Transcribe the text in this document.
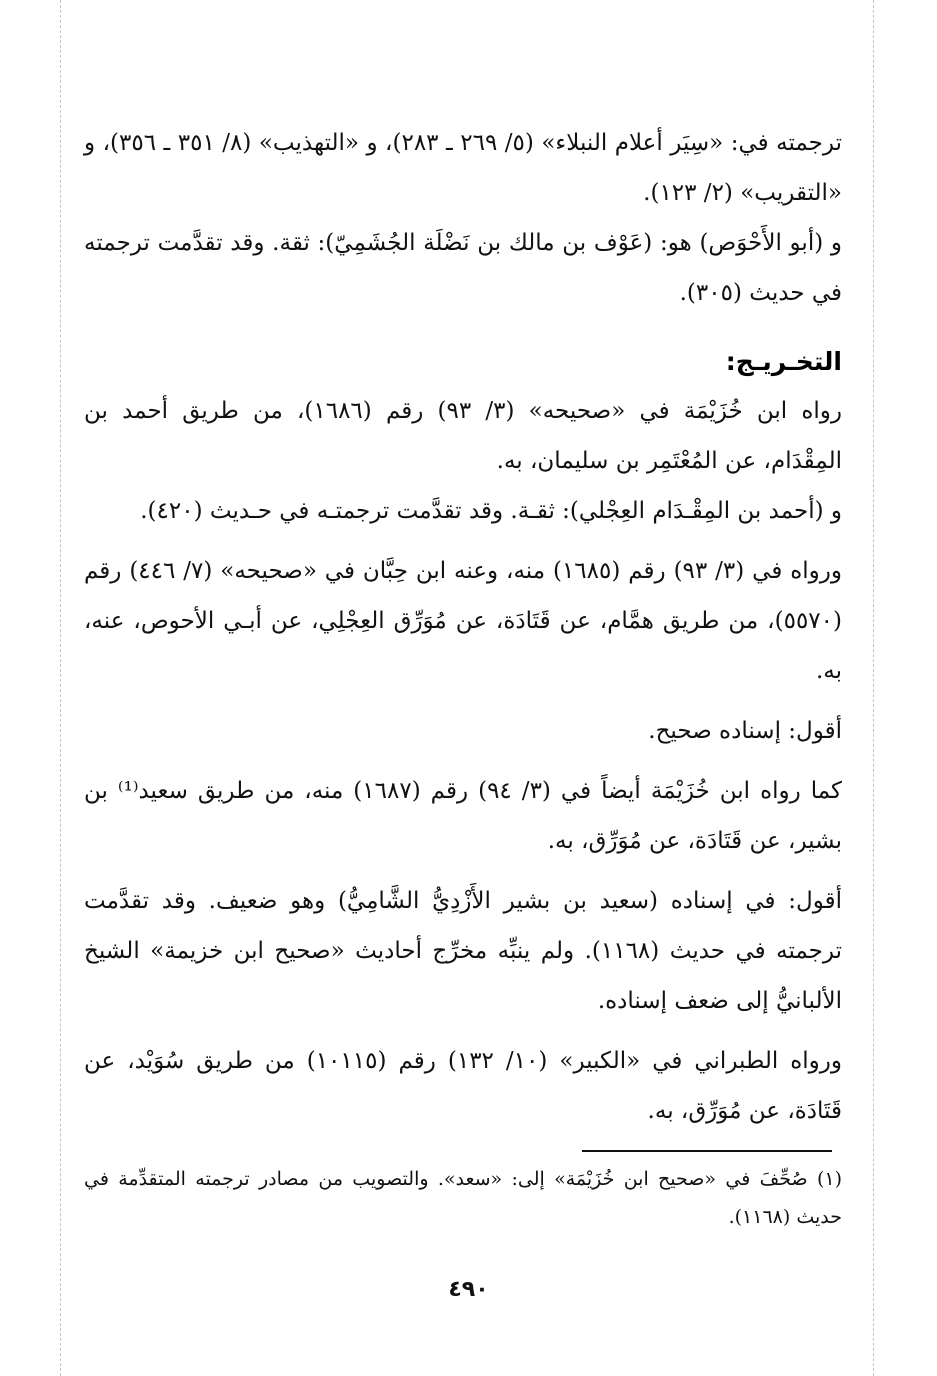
ترجمته في: «سِيَر أعلام النبلاء» (٥/ ٢٦٩ ـ ٢٨٣)، و «التهذيب» (٨/ ٣٥١ ـ ٣٥٦)، و «التقريب» (٢/ ١٢٣).

و (أبو الأَحْوَص) هو: (عَوْف بن مالك بن نَضْلَة الجُشَمِيّ): ثقة. وقد تقدَّمت ترجمته في حديث (٣٠٥).

التخـريـج:

رواه ابن خُزَيْمَة في «صحيحه» (٣/ ٩٣) رقم (١٦٨٦)، من طريق أحمد بن المِقْدَام، عن المُعْتَمِر بن سليمان، به.

و (أحمد بن المِقْـدَام العِجْلي): ثقـة. وقد تقدَّمت ترجمتـه في حـديث (٤٢٠).

ورواه في (٣/ ٩٣) رقم (١٦٨٥) منه، وعنه ابن حِبَّان في «صحيحه» (٧/ ٤٤٦) رقم (٥٥٧٠)، من طريق همَّام، عن قَتَادَة، عن مُوَرِّق العِجْلِي، عن أبـي الأحوص، عنه، به.

أقول: إسناده صحيح.

كما رواه ابن خُزَيْمَة أيضاً في (٣/ ٩٤) رقم (١٦٨٧) منه، من طريق سعيد⁽¹⁾ بن بشير، عن قَتَادَة، عن مُوَرِّق، به.

أقول: في إسناده (سعيد بن بشير الأَزْدِيُّ الشَّامِيُّ) وهو ضعيف. وقد تقدَّمت ترجمته في حديث (١١٦٨). ولم ينبِّه مخرِّج أحاديث «صحيح ابن خزيمة» الشيخ الألبانيُّ إلى ضعف إسناده.

ورواه الطبراني في «الكبير» (١٠/ ١٣٢) رقم (١٠١١٥) من طريق سُوَيْد، عن قَتَادَة، عن مُوَرِّق، به.

(١) صُحِّفَ في «صحيح ابن خُزَيْمَة» إلى: «سعد». والتصويب من مصادر ترجمته المتقدِّمة في حديث (١١٦٨).

٤٩٠
